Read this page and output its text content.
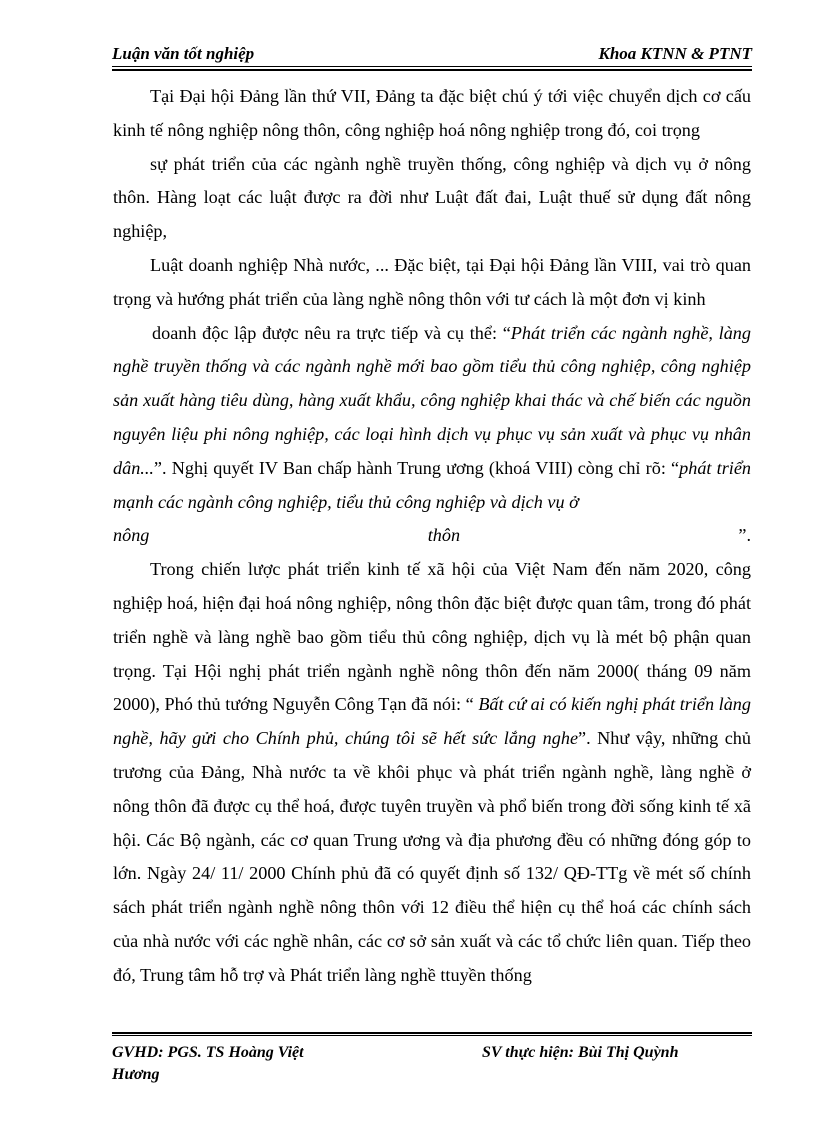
Luận văn tốt nghiệp	Khoa KTNN & PTNT

Tại Đại hội Đảng lần thứ VII, Đảng ta đặc biệt chú ý tới việc chuyển dịch cơ cấu kinh tế nông nghiệp nông thôn, công nghiệp hoá nông nghiệp trong đó, coi trọng

sự phát triển của các ngành nghề truyền thống, công nghiệp và dịch vụ ở nông thôn. Hàng loạt các luật được ra đời như Luật đất đai, Luật thuế sử dụng đất nông nghiệp,

Luật doanh nghiệp Nhà nước, ... Đặc biệt, tại Đại hội Đảng lần VIII, vai trò quan trọng và hướng phát triển của làng nghề nông thôn với tư cách là một đơn vị kinh

doanh độc lập được nêu ra trực tiếp và cụ thể: “Phát triển các ngành nghề, làng nghề truyền thống và các ngành nghề mới bao gồm tiểu thủ công nghiệp, công nghiệp sản xuất hàng tiêu dùng, hàng xuất khẩu, công nghiệp khai thác và chế biến các nguồn nguyên liệu phi nông nghiệp, các loại hình dịch vụ phục vụ sản xuất và phục vụ nhân dân...”. Nghị quyết IV Ban chấp hành Trung ương (khoá VIII) còng chỉ rõ: “phát triển mạnh các ngành công nghiệp, tiểu thủ công nghiệp và dịch vụ ở

nông	thôn	”.

Trong chiến lược phát triển kinh tế xã hội của Việt Nam đến năm 2020, công nghiệp hoá, hiện đại hoá nông nghiệp, nông thôn đặc biệt được quan tâm, trong đó phát triển nghề và làng nghề bao gồm tiểu thủ công nghiệp, dịch vụ là mét bộ phận quan trọng. Tại Hội nghị phát triển ngành nghề nông thôn đến năm 2000( tháng 09 năm 2000), Phó thủ tướng Nguyễn Công Tạn đã nói: “ Bất cứ ai có kiến nghị phát triển làng nghề, hãy gửi cho Chính phủ, chúng tôi sẽ hết sức lắng nghe”. Như vậy, những chủ trương của Đảng, Nhà nước ta về khôi phục và phát triển ngành nghề, làng nghề ở nông thôn đã được cụ thể hoá, được tuyên truyền và phổ biến trong đời sống kinh tế xã hội. Các Bộ ngành, các cơ quan Trung ương và địa phương đều có những đóng góp to lớn. Ngày 24/ 11/ 2000 Chính phủ đã có quyết định số 132/ QĐ-TTg về mét số chính sách phát triển ngành nghề nông thôn với 12 điều thể hiện cụ thể hoá các chính sách của nhà nước với các nghề nhân, các cơ sở sản xuất và các tổ chức liên quan. Tiếp theo đó, Trung tâm hỗ trợ và Phát triển làng nghề ttuyền thống

GVHD: PGS. TS Hoàng Việt Hương
SV thực hiện: Bùi Thị Quỳnh
